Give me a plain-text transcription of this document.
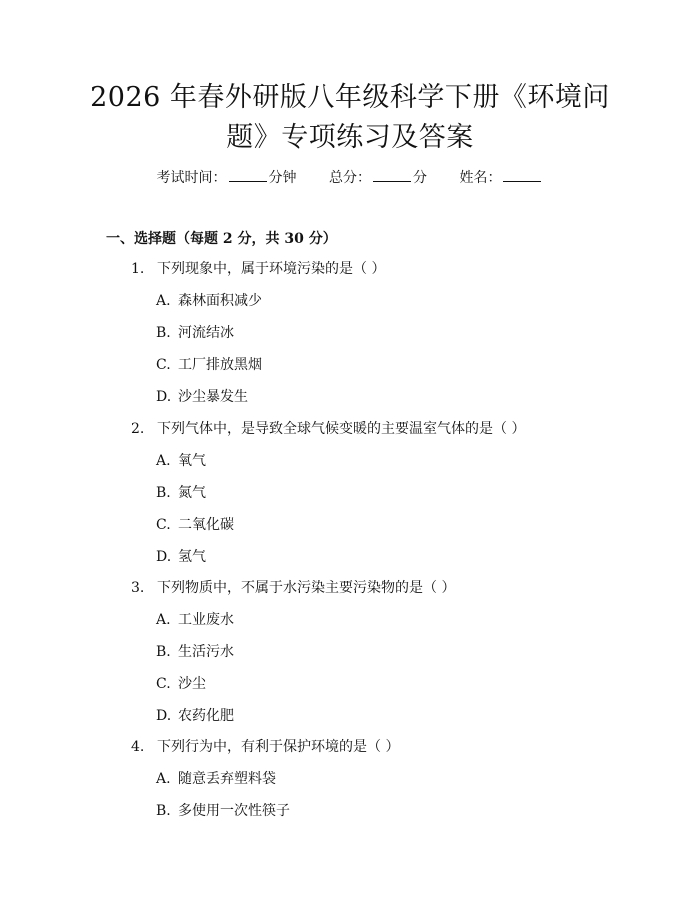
2026 年春外研版八年级科学下册《环境问
题》专项练习及答案
考试时间：	分钟 总分：	分 姓名：
一、选择题（每题 2 分，共 30 分）
1. 下列现象中，属于环境污染的是（ ）
A. 森林面积减少
B. 河流结冰
C. 工厂排放黑烟
D. 沙尘暴发生
2. 下列气体中，是导致全球气候变暖的主要温室气体的是（ ）
A. 氧气
B. 氮气
C. 二氧化碳
D. 氢气
3. 下列物质中，不属于水污染主要污染物的是（ ）
A. 工业废水
B. 生活污水
C. 沙尘
D. 农药化肥
4. 下列行为中，有利于保护环境的是（ ）
A. 随意丢弃塑料袋
B. 多使用一次性筷子
